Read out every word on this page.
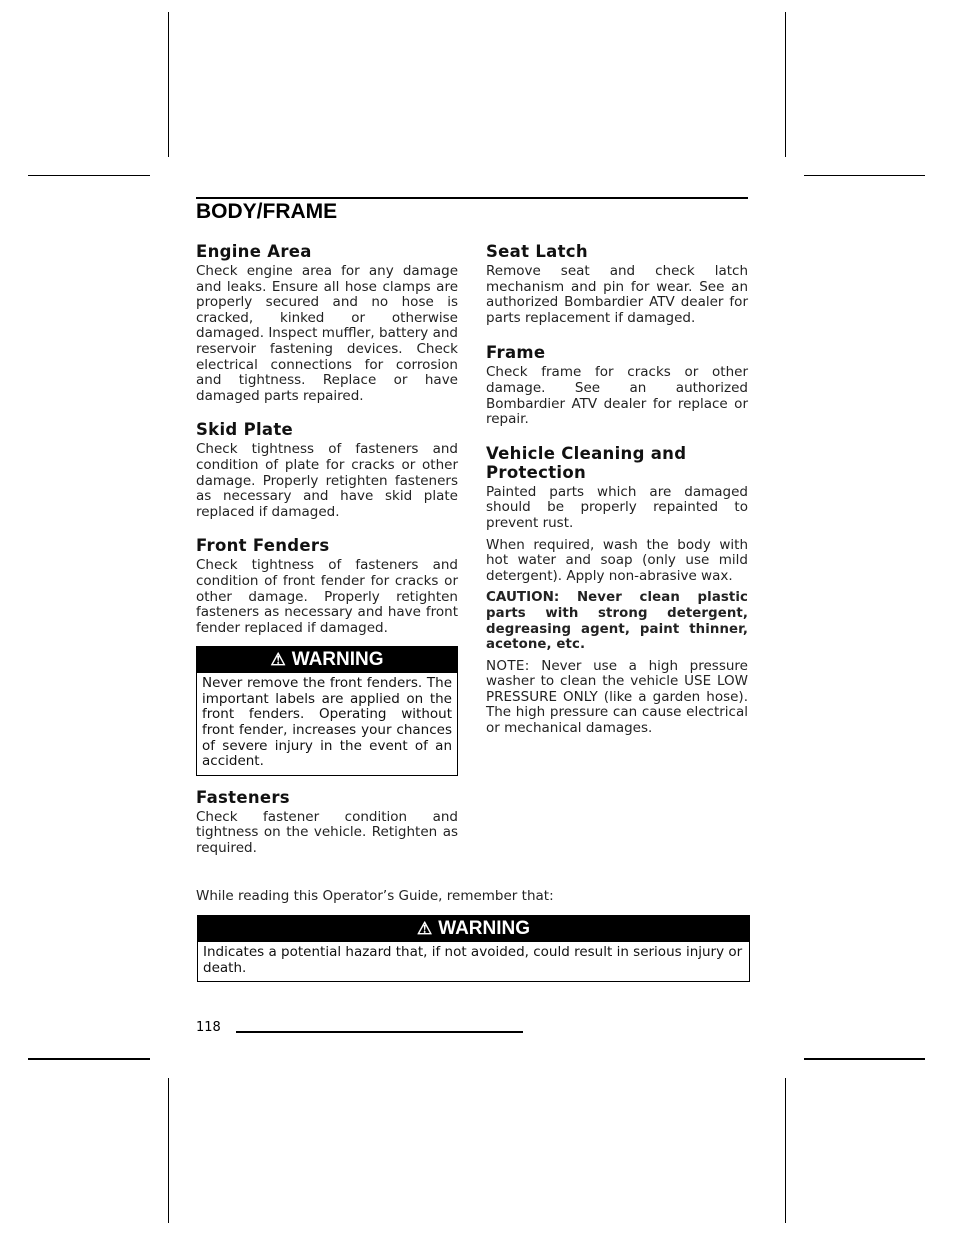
BODY/FRAME
Engine Area

Check engine area for any damage and leaks. Ensure all hose clamps are properly secured and no hose is cracked, kinked or otherwise damaged. Inspect muffler, battery and reservoir fastening devices. Check electrical connections for corrosion and tightness. Replace or have damaged parts repaired.

Skid Plate

Check tightness of fasteners and condition of plate for cracks or other damage. Properly retighten fasteners as necessary and have skid plate replaced if damaged.

Front Fenders

Check tightness of fasteners and condition of front fender for cracks or other damage. Properly retighten fasteners as necessary and have front fender replaced if damaged.

⚠ WARNING
Never remove the front fenders. The important labels are applied on the front fenders. Operating without front fender, increases your chances of severe injury in the event of an accident.
Fasteners

Check fastener condition and tightness on the vehicle. Retighten as required.

Seat Latch

Remove seat and check latch mechanism and pin for wear. See an authorized Bombardier ATV dealer for parts replacement if damaged.

Frame

Check frame for cracks or other damage. See an authorized Bombardier ATV dealer for replace or repair.

Vehicle Cleaning and Protection

Painted parts which are damaged should be properly repainted to prevent rust.

When required, wash the body with hot water and soap (only use mild detergent). Apply non-abrasive wax.

CAUTION: Never clean plastic parts with strong detergent, degreasing agent, paint thinner, acetone, etc.

NOTE: Never use a high pressure washer to clean the vehicle USE LOW PRESSURE ONLY (like a garden hose). The high pressure can cause electrical or mechanical damages.

While reading this Operator’s Guide, remember that:

⚠ WARNING
Indicates a potential hazard that, if not avoided, could result in serious injury or death.
118
